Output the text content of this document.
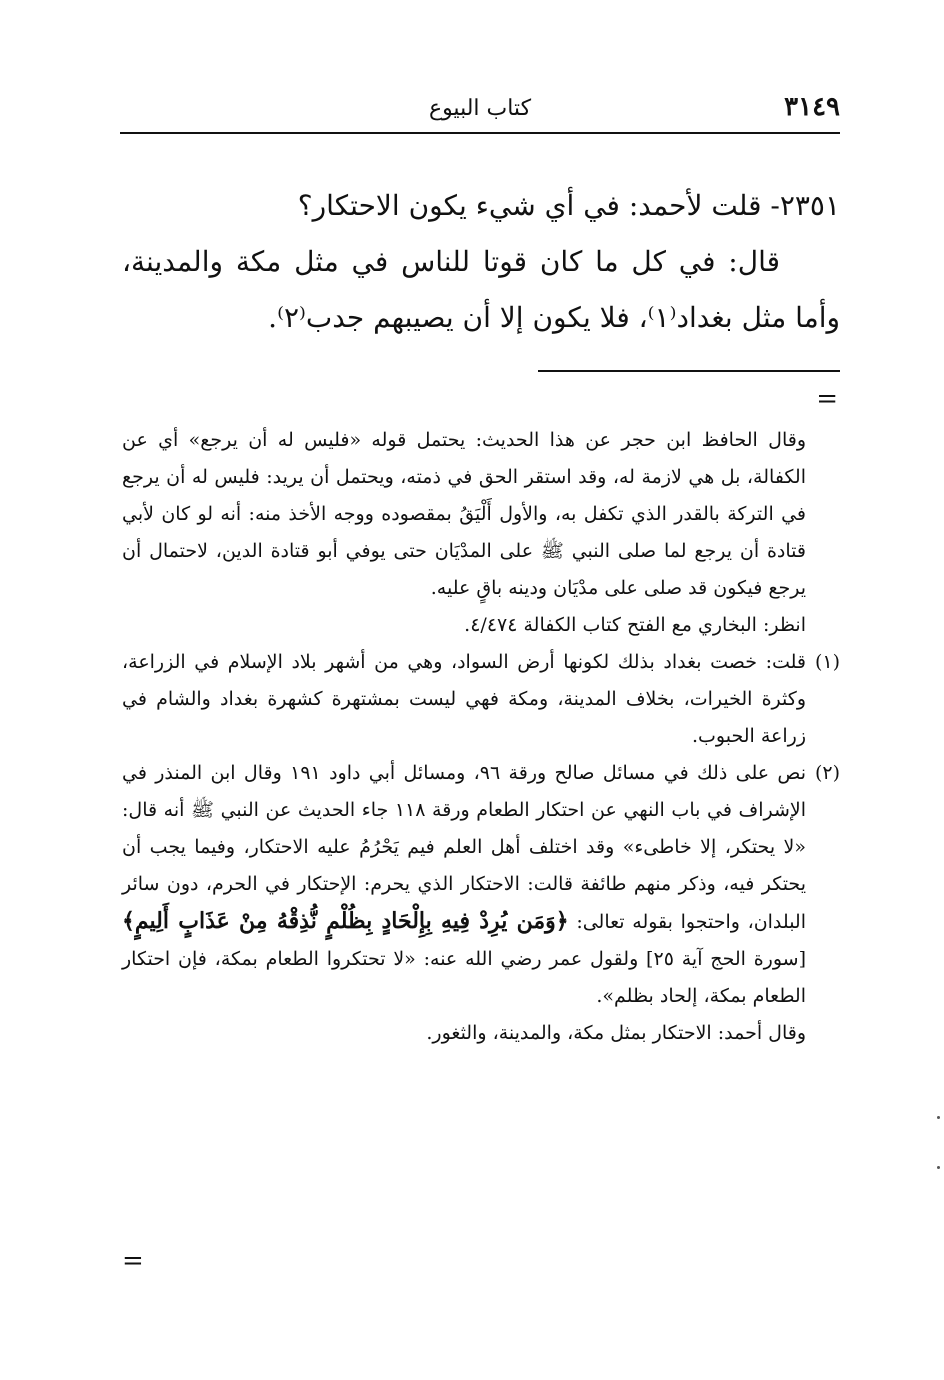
٣١٤٩
كتاب البيوع

٢٣٥١- قلت لأحمد: في أي شيء يكون الاحتكار؟

قال: في كل ما كان قوتا للناس في مثل مكة والمدينة، وأما مثل بغداد⁽١⁾، فلا يكون إلا أن يصيبهم جدب⁽٢⁾.

=

وقال الحافظ ابن حجر عن هذا الحديث: يحتمل قوله «فليس له أن يرجع» أي عن الكفالة، بل هي لازمة له، وقد استقر الحق في ذمته، ويحتمل أن يريد: فليس له أن يرجع في التركة بالقدر الذي تكفل به، والأول أَلْيَقُ بمقصوده ووجه الأخذ منه: أنه لو كان لأبي قتادة أن يرجع لما صلى النبي ﷺ على المدْيَان حتى يوفي أبو قتادة الدين، لاحتمال أن يرجع فيكون قد صلى على مدْيَان ودينه باقٍ عليه.

انظر: البخاري مع الفتح كتاب الكفالة ٤/٤٧٤.

(١)
قلت: خصت بغداد بذلك لكونها أرض السواد، وهي من أشهر بلاد الإسلام في الزراعة، وكثرة الخيرات، بخلاف المدينة، ومكة فهي ليست بمشتهرة كشهرة بغداد والشام في زراعة الحبوب.

(٢)
نص على ذلك في مسائل صالح ورقة ٩٦، ومسائل أبي داود ١٩١ وقال ابن المنذر في الإشراف في باب النهي عن احتكار الطعام ورقة ١١٨ جاء الحديث عن النبي ﷺ أنه قال: «لا يحتكر، إلا خاطىء» وقد اختلف أهل العلم فيم يَحْرُمُ عليه الاحتكار، وفيما يجب أن يحتكر فيه، وذكر منهم طائفة قالت: الاحتكار الذي يحرم: الإحتكار في الحرم، دون سائر البلدان، واحتجوا بقوله تعالى: ﴿وَمَن يُرِدْ فِيهِ بِإِلْحَادٍ بِظُلْمٍ نُّذِقْهُ مِنْ عَذَابٍ أَلِيمٍ﴾ [سورة الحج آية ٢٥] ولقول عمر رضي الله عنه: «لا تحتكروا الطعام بمكة، فإن احتكار الطعام بمكة، إلحاد بظلم».

وقال أحمد: الاحتكار بمثل مكة، والمدينة، والثغور.

=
